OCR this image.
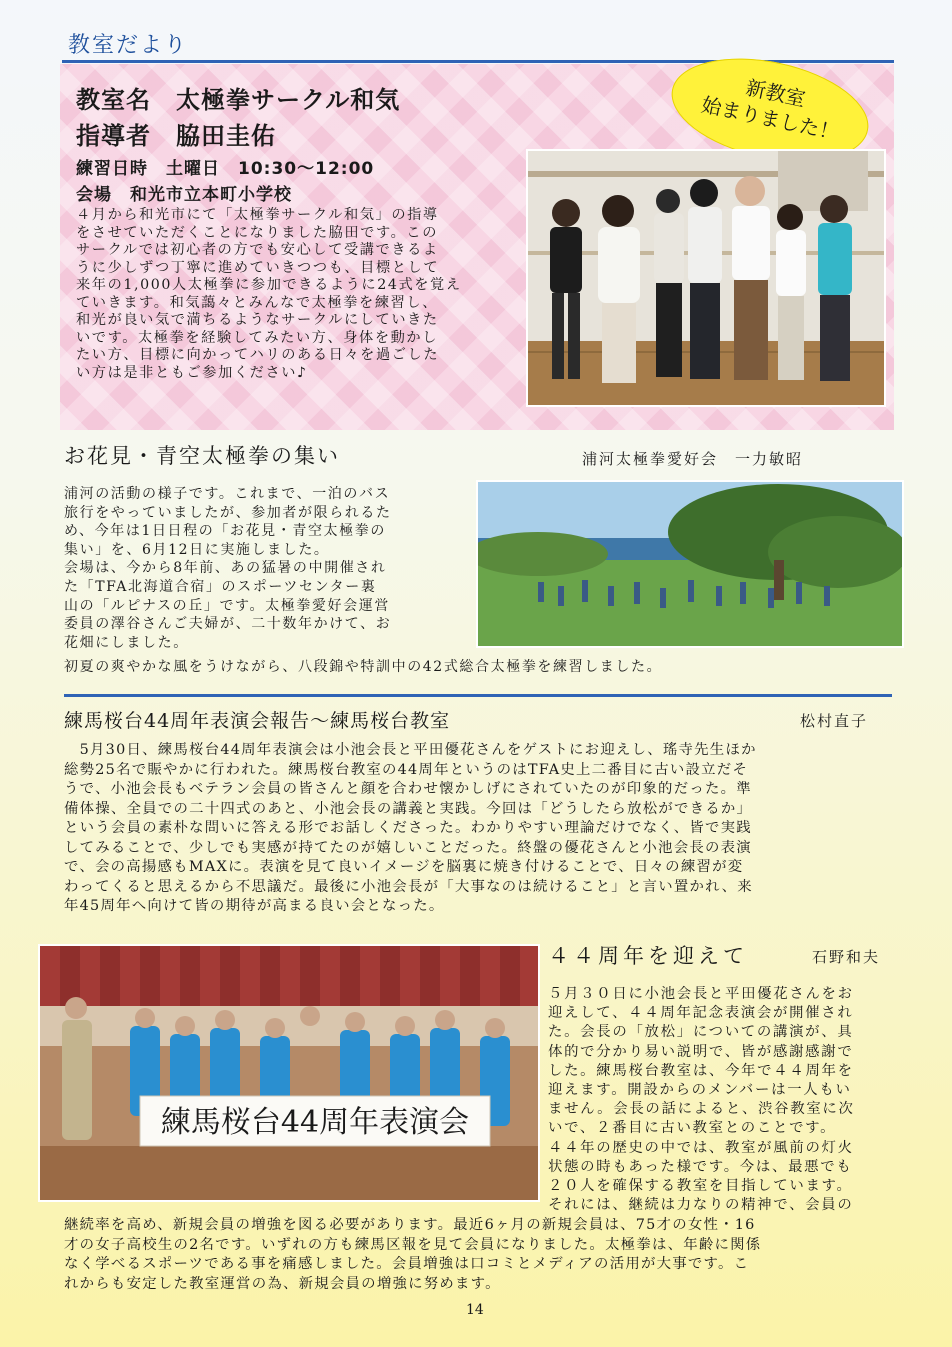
教室だより
教室名　太極拳サークル和気
指導者　脇田圭佑
練習日時　土曜日　10:30～12:00
会場　和光市立本町小学校
４月から和光市にて「太極拳サークル和気」の指導
をさせていただくことになりました脇田です。この
サークルでは初心者の方でも安心して受講できるよ
うに少しずつ丁寧に進めていきつつも、目標として
来年の1,000人太極拳に参加できるように24式を覚え
ていきます。和気藹々とみんなで太極拳を練習し、
和光が良い気で満ちるようなサークルにしていきた
いです。太極拳を経験してみたい方、身体を動かし
たい方、目標に向かってハリのある日々を過ごした
い方は是非ともご参加ください♪
新教室
始まりました！
お花見・青空太極拳の集い	浦河太極拳愛好会　一力敏昭
浦河の活動の様子です。これまで、一泊のバス
旅行をやっていましたが、参加者が限られるた
め、今年は1日日程の「お花見・青空太極拳の
集い」を、6月12日に実施しました。
会場は、今から8年前、あの猛暑の中開催され
た「TFA北海道合宿」のスポーツセンター裏
山の「ルピナスの丘」です。太極拳愛好会運営
委員の澤谷さんご夫婦が、二十数年かけて、お
花畑にしました。
初夏の爽やかな風をうけながら、八段錦や特訓中の42式総合太極拳を練習しました。
練馬桜台44周年表演会報告～練馬桜台教室	松村直子
　5月30日、練馬桜台44周年表演会は小池会長と平田優花さんをゲストにお迎えし、瑤寺先生ほか
総勢25名で賑やかに行われた。練馬桜台教室の44周年というのはTFA史上二番目に古い設立だそ
うで、小池会長もベテラン会員の皆さんと顔を合わせ懐かしげにされていたのが印象的だった。準
備体操、全員での二十四式のあと、小池会長の講義と実践。今回は「どうしたら放松ができるか」
という会員の素朴な問いに答える形でお話しくださった。わかりやすい理論だけでなく、皆で実践
してみることで、少しでも実感が持てたのが嬉しいことだった。終盤の優花さんと小池会長の表演
で、会の高揚感もMAXに。表演を見て良いイメージを脳裏に焼き付けることで、日々の練習が変
わってくると思えるから不思議だ。最後に小池会長が「大事なのは続けること」と言い置かれ、来
年45周年へ向けて皆の期待が高まる良い会となった。
練馬桜台44周年表演会
４４周年を迎えて	石野和夫
５月３０日に小池会長と平田優花さんをお
迎えして、４４周年記念表演会が開催され
た。会長の「放松」についての講演が、具
体的で分かり易い説明で、皆が感謝感謝で
した。練馬桜台教室は、今年で４４周年を
迎えます。開設からのメンバーは一人もい
ません。会長の話によると、渋谷教室に次
いで、２番目に古い教室とのことです。
４４年の歴史の中では、教室が風前の灯火
状態の時もあった様です。今は、最悪でも
２０人を確保する教室を目指しています。
それには、継続は力なりの精神で、会員の
継続率を高め、新規会員の増強を図る必要があります。最近6ヶ月の新規会員は、75才の女性・16
才の女子高校生の2名です。いずれの方も練馬区報を見て会員になりました。太極拳は、年齢に関係
なく学べるスポーツである事を痛感しました。会員増強は口コミとメディアの活用が大事です。こ
れからも安定した教室運営の為、新規会員の増強に努めます。
14
